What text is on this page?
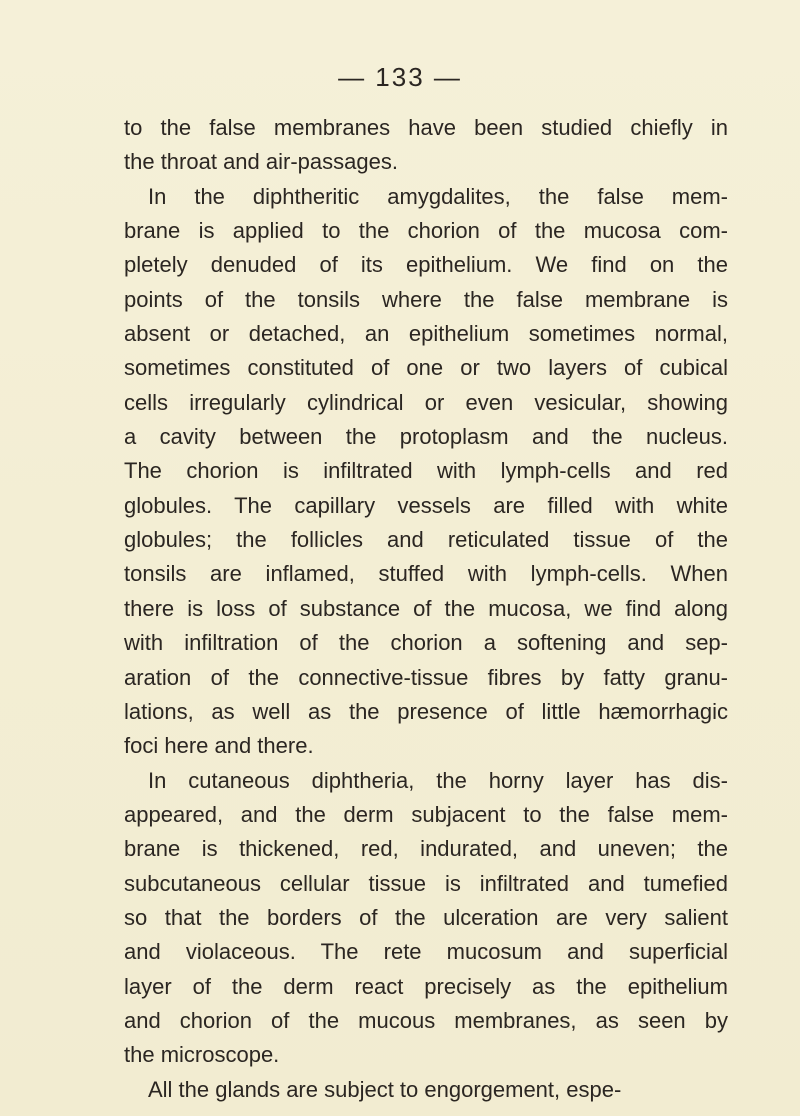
— 133 —
to the false membranes have been studied chiefly in
the throat and air-passages.
In the diphtheritic amygdalites, the false mem-
brane is applied to the chorion of the mucosa com-
pletely denuded of its epithelium. We find on the
points of the tonsils where the false membrane is
absent or detached, an epithelium sometimes normal,
sometimes constituted of one or two layers of cubical
cells irregularly cylindrical or even vesicular, showing
a cavity between the protoplasm and the nucleus.
The chorion is infiltrated with lymph-cells and red
globules. The capillary vessels are filled with white
globules; the follicles and reticulated tissue of the
tonsils are inflamed, stuffed with lymph-cells. When
there is loss of substance of the mucosa, we find along
with infiltration of the chorion a softening and sep-
aration of the connective-tissue fibres by fatty granu-
lations, as well as the presence of little hæmorrhagic
foci here and there.
In cutaneous diphtheria, the horny layer has dis-
appeared, and the derm subjacent to the false mem-
brane is thickened, red, indurated, and uneven; the
subcutaneous cellular tissue is infiltrated and tumefied
so that the borders of the ulceration are very salient
and violaceous. The rete mucosum and superficial
layer of the derm react precisely as the epithelium
and chorion of the mucous membranes, as seen by
the microscope.
All the glands are subject to engorgement, espe-
